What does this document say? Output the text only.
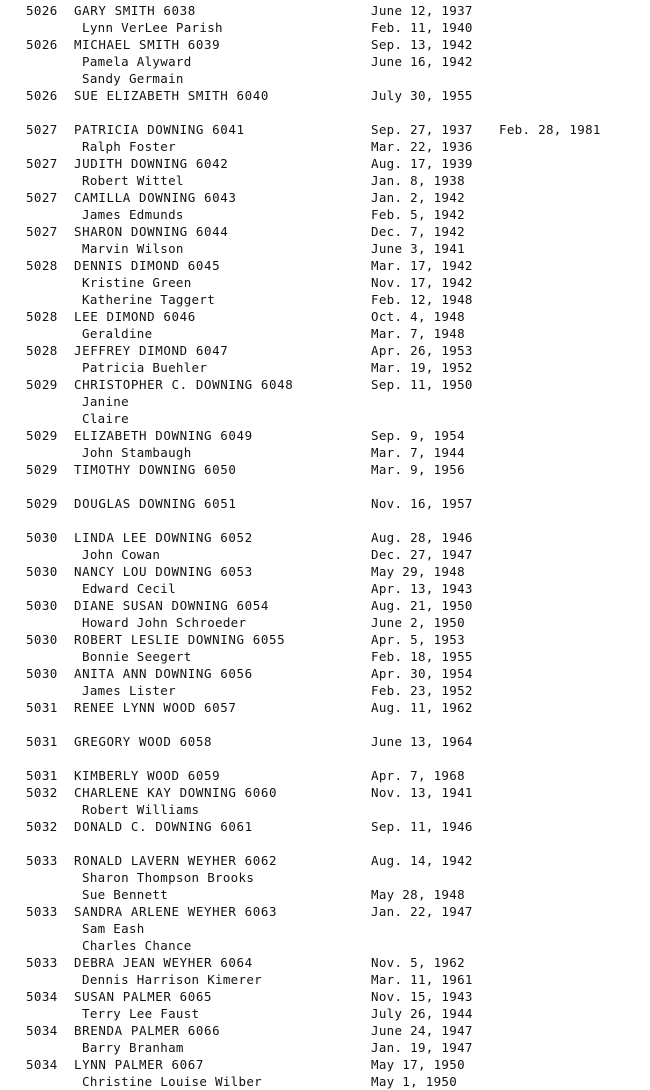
5026 GARY SMITH 6038	June 12, 1937
Lynn VerLee Parish	Feb. 11, 1940
5026 MICHAEL SMITH 6039	Sep. 13, 1942
Pamela Alyward	June 16, 1942
Sandy Germain
5026 SUE ELIZABETH SMITH 6040	July 30, 1955
5027 PATRICIA DOWNING 6041	Sep. 27, 1937 Feb. 28, 1981
Ralph Foster	Mar. 22, 1936
5027 JUDITH DOWNING 6042	Aug. 17, 1939
Robert Wittel	Jan. 8, 1938
5027 CAMILLA DOWNING 6043	Jan. 2, 1942
James Edmunds	Feb. 5, 1942
5027 SHARON DOWNING 6044	Dec. 7, 1942
Marvin Wilson	June 3, 1941
5028 DENNIS DIMOND 6045	Mar. 17, 1942
Kristine Green	Nov. 17, 1942
Katherine Taggert	Feb. 12, 1948
5028 LEE DIMOND 6046	Oct. 4, 1948
Geraldine	Mar. 7, 1948
5028 JEFFREY DIMOND 6047	Apr. 26, 1953
Patricia Buehler	Mar. 19, 1952
5029 CHRISTOPHER C. DOWNING 6048	Sep. 11, 1950
Janine
Claire
5029 ELIZABETH DOWNING 6049	Sep. 9, 1954
John Stambaugh	Mar. 7, 1944
5029 TIMOTHY DOWNING 6050	Mar. 9, 1956
5029 DOUGLAS DOWNING 6051	Nov. 16, 1957
5030 LINDA LEE DOWNING 6052	Aug. 28, 1946
John Cowan	Dec. 27, 1947
5030 NANCY LOU DOWNING 6053	May 29, 1948
Edward Cecil	Apr. 13, 1943
5030 DIANE SUSAN DOWNING 6054	Aug. 21, 1950
Howard John Schroeder	June 2, 1950
5030 ROBERT LESLIE DOWNING 6055	Apr. 5, 1953
Bonnie Seegert	Feb. 18, 1955
5030 ANITA ANN DOWNING 6056	Apr. 30, 1954
James Lister	Feb. 23, 1952
5031 RENEE LYNN WOOD 6057	Aug. 11, 1962
5031 GREGORY WOOD 6058	June 13, 1964
5031 KIMBERLY WOOD 6059	Apr. 7, 1968
5032 CHARLENE KAY DOWNING 6060	Nov. 13, 1941
Robert Williams
5032 DONALD C. DOWNING 6061	Sep. 11, 1946
5033 RONALD LAVERN WEYHER 6062	Aug. 14, 1942
Sharon Thompson Brooks
Sue Bennett	May 28, 1948
5033 SANDRA ARLENE WEYHER 6063	Jan. 22, 1947
Sam Eash
Charles Chance
5033 DEBRA JEAN WEYHER 6064	Nov. 5, 1962
Dennis Harrison Kimerer	Mar. 11, 1961
5034 SUSAN PALMER 6065	Nov. 15, 1943
Terry Lee Faust	July 26, 1944
5034 BRENDA PALMER 6066	June 24, 1947
Barry Branham	Jan. 19, 1947
5034 LYNN PALMER 6067	May 17, 1950
Christine Louise Wilber	May 1, 1950
